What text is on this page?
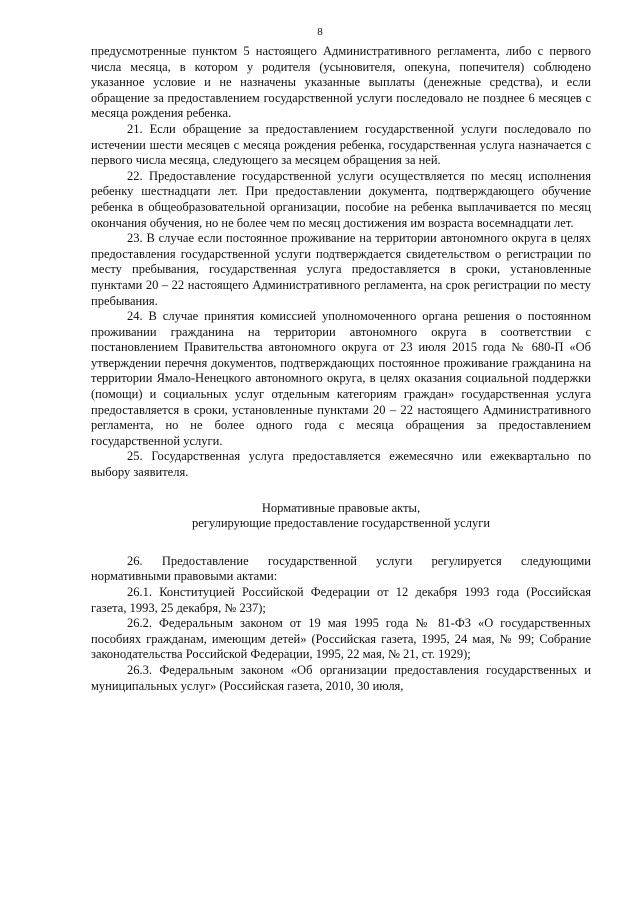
8

предусмотренные пунктом 5 настоящего Административного регламента, либо с первого числа месяца, в котором у родителя (усыновителя, опекуна, попечителя) соблюдено указанное условие и не назначены указанные выплаты (денежные средства), и если обращение за предоставлением государственной услуги последовало не позднее 6 месяцев с месяца рождения ребенка.

21. Если обращение за предоставлением государственной услуги последовало по истечении шести месяцев с месяца рождения ребенка, государственная услуга назначается с первого числа месяца, следующего за месяцем обращения за ней.

22. Предоставление государственной услуги осуществляется по месяц исполнения ребенку шестнадцати лет. При предоставлении документа, подтверждающего обучение ребенка в общеобразовательной организации, пособие на ребенка выплачивается по месяц окончания обучения, но не более чем по месяц достижения им возраста восемнадцати лет.

23. В случае если постоянное проживание на территории автономного округа в целях предоставления государственной услуги подтверждается свидетельством о регистрации по месту пребывания, государственная услуга предоставляется в сроки, установленные пунктами 20 – 22 настоящего Административного регламента, на срок регистрации по месту пребывания.

24. В случае принятия комиссией уполномоченного органа решения о постоянном проживании гражданина на территории автономного округа в соответствии с постановлением Правительства автономного округа от 23 июля 2015 года № 680-П «Об утверждении перечня документов, подтверждающих постоянное проживание гражданина на территории Ямало-Ненецкого автономного округа, в целях оказания социальной поддержки (помощи) и социальных услуг отдельным категориям граждан» государственная услуга предоставляется в сроки, установленные пунктами 20 – 22 настоящего Административного регламента, но не более одного года с месяца обращения за предоставлением государственной услуги.

25. Государственная услуга предоставляется ежемесячно или ежеквартально по выбору заявителя.

Нормативные правовые акты,
регулирующие предоставление государственной услуги

26. Предоставление государственной услуги регулируется следующими нормативными правовыми актами:

26.1. Конституцией Российской Федерации от 12 декабря 1993 года (Российская газета, 1993, 25 декабря, № 237);

26.2. Федеральным законом от 19 мая 1995 года № 81-ФЗ «О государственных пособиях гражданам, имеющим детей» (Российская газета, 1995, 24 мая, № 99; Собрание законодательства Российской Федерации, 1995, 22 мая, № 21, ст. 1929);

26.3. Федеральным законом «Об организации предоставления государственных и муниципальных услуг» (Российская газета, 2010, 30 июля,
